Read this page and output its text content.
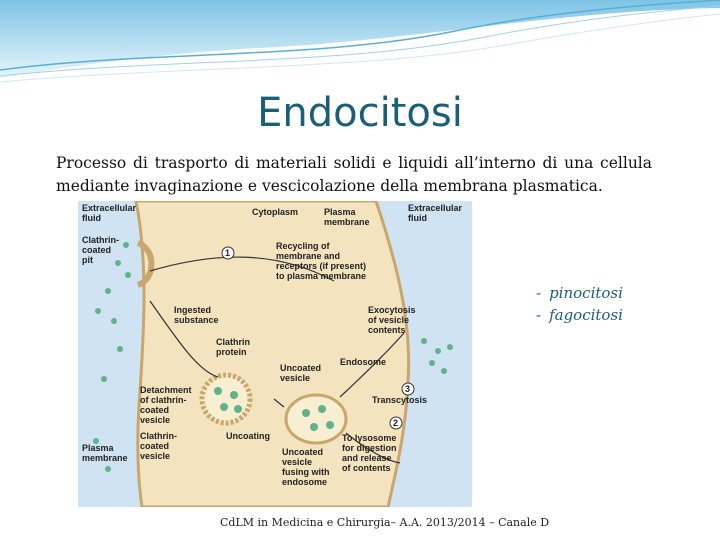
Endocitosi
Processo di trasporto di materiali solidi e liquidi all’interno di una cellula mediante invaginazione e vescicolazione della membrana plasmatica.
Extracellular
fluid
Cytoplasm	Plasma
membrane
Extracellular
fluid
Clathrin-
coated
pit
Recycling of
membrane and
receptors (if present)
to plasma membrane
Ingested
substance
Exocytosis
of vesicle
contents
Clathrin
protein
Uncoated
vesicle
Endosome
Detachment
of clathrin-
coated
vesicle
Transcytosis
Clathrin-
coated
vesicle
Uncoating	To lysosome
for digestion
and release
of contents
Plasma
membrane
Uncoated
vesicle
fusing with
endosome
1
2
3
- pinocitosi
- fagocitosi
CdLM in Medicina e Chirurgia– A.A. 2013/2014 – Canale D
